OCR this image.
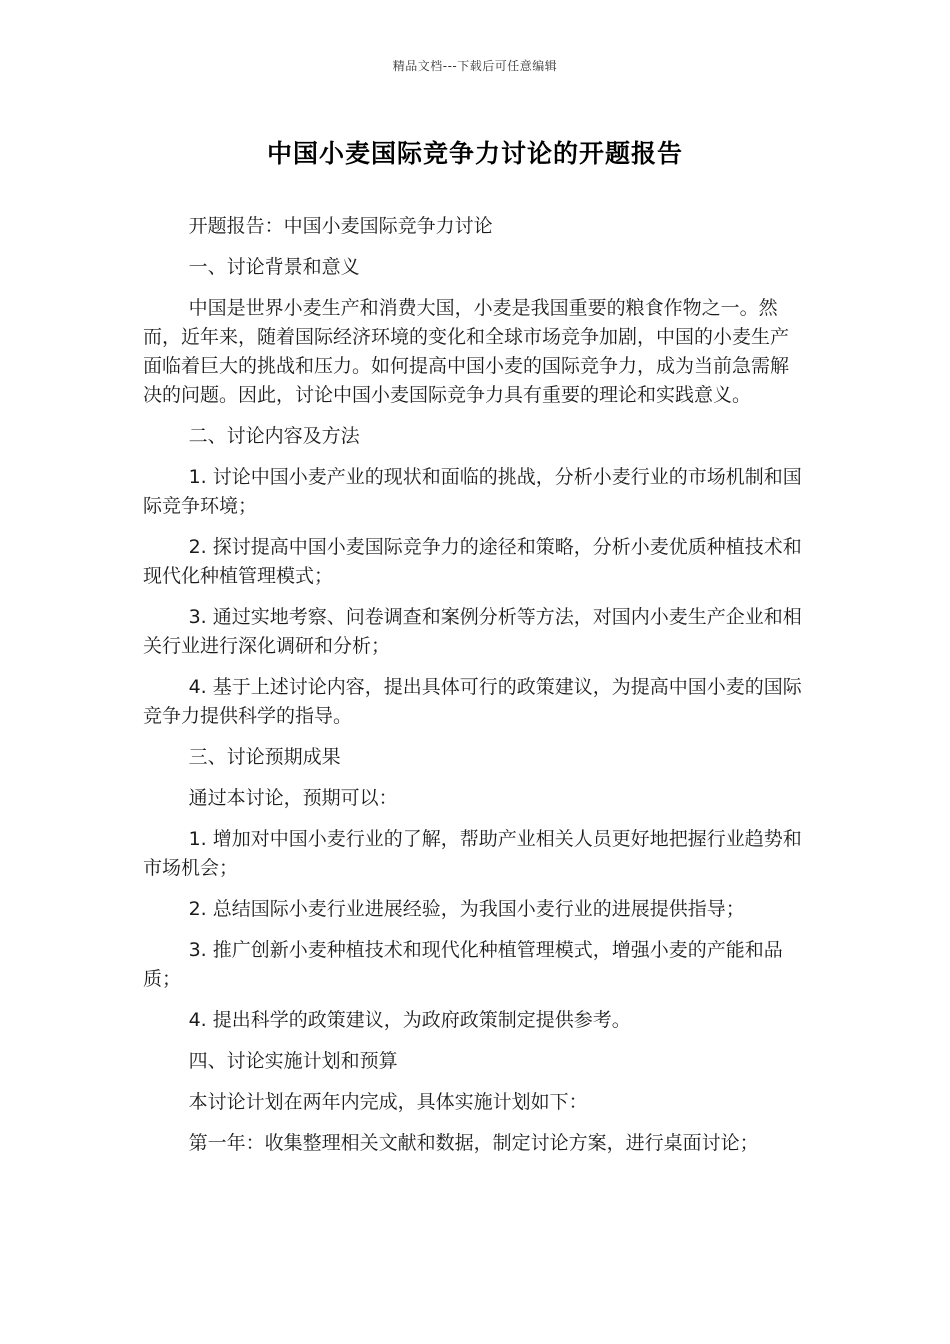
精品文档---下载后可任意编辑
中国小麦国际竞争力讨论的开题报告

开题报告：中国小麦国际竞争力讨论

一、讨论背景和意义

中国是世界小麦生产和消费大国，小麦是我国重要的粮食作物之一。然而，近年来，随着国际经济环境的变化和全球市场竞争加剧，中国的小麦生产面临着巨大的挑战和压力。如何提高中国小麦的国际竞争力，成为当前急需解决的问题。因此，讨论中国小麦国际竞争力具有重要的理论和实践意义。

二、讨论内容及方法

1. 讨论中国小麦产业的现状和面临的挑战，分析小麦行业的市场机制和国际竞争环境；

2. 探讨提高中国小麦国际竞争力的途径和策略，分析小麦优质种植技术和现代化种植管理模式；

3. 通过实地考察、问卷调查和案例分析等方法，对国内小麦生产企业和相关行业进行深化调研和分析；

4. 基于上述讨论内容，提出具体可行的政策建议，为提高中国小麦的国际竞争力提供科学的指导。

三、讨论预期成果

通过本讨论，预期可以：

1. 增加对中国小麦行业的了解，帮助产业相关人员更好地把握行业趋势和市场机会；

2. 总结国际小麦行业进展经验，为我国小麦行业的进展提供指导；

3. 推广创新小麦种植技术和现代化种植管理模式，增强小麦的产能和品质；

4. 提出科学的政策建议，为政府政策制定提供参考。

四、讨论实施计划和预算

本讨论计划在两年内完成，具体实施计划如下：

第一年：收集整理相关文献和数据，制定讨论方案，进行桌面讨论；
